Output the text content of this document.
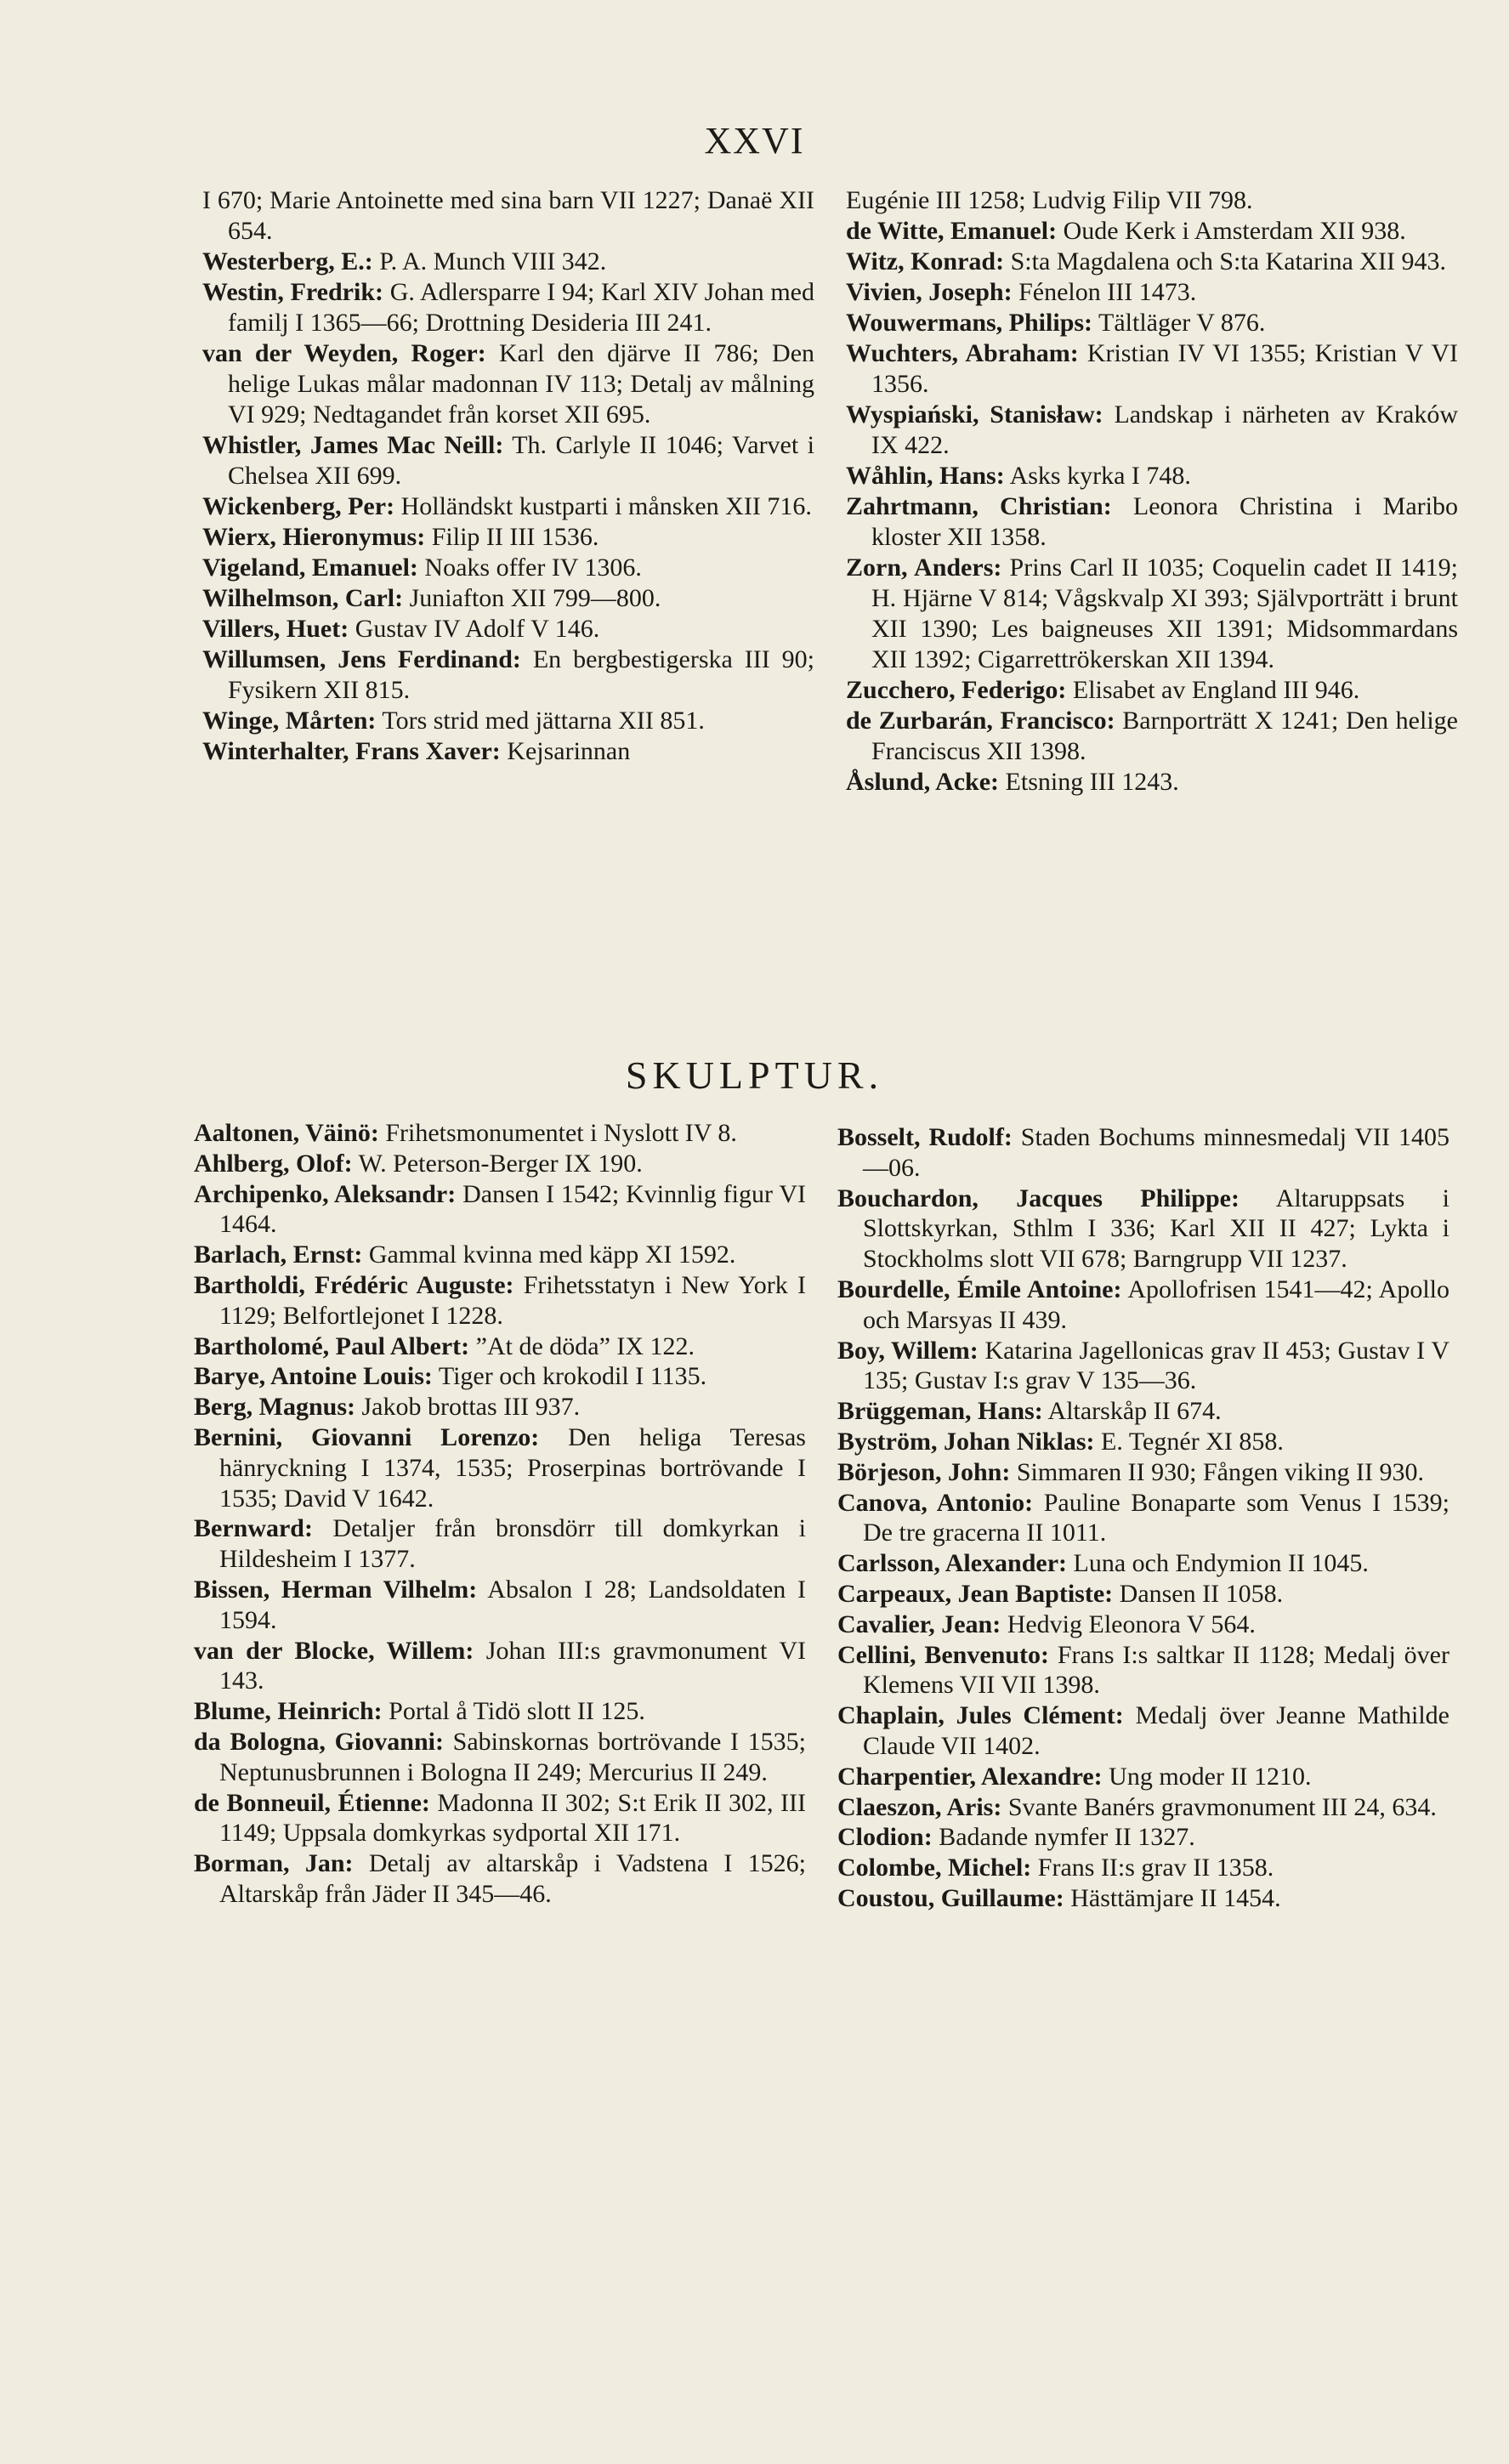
XXVI

I 670; Marie Antoinette med sina barn VII 1227; Danaë XII 654.

Westerberg, E.: P. A. Munch VIII 342.

Westin, Fredrik: G. Adlersparre I 94; Karl XIV Johan med familj I 1365—66; Drottning Desideria III 241.

van der Weyden, Roger: Karl den djärve II 786; Den helige Lukas målar madonnan IV 113; Detalj av målning VI 929; Nedtagandet från korset XII 695.

Whistler, James Mac Neill: Th. Carlyle II 1046; Varvet i Chelsea XII 699.

Wickenberg, Per: Holländskt kustparti i månsken XII 716.

Wierx, Hieronymus: Filip II III 1536.

Vigeland, Emanuel: Noaks offer IV 1306.

Wilhelmson, Carl: Juniafton XII 799—800.

Villers, Huet: Gustav IV Adolf V 146.

Willumsen, Jens Ferdinand: En bergbestigerska III 90; Fysikern XII 815.

Winge, Mårten: Tors strid med jättarna XII 851.

Winterhalter, Frans Xaver: Kejsarinnan

Eugénie III 1258; Ludvig Filip VII 798.

de Witte, Emanuel: Oude Kerk i Amsterdam XII 938.

Witz, Konrad: S:ta Magdalena och S:ta Katarina XII 943.

Vivien, Joseph: Fénelon III 1473.

Wouwermans, Philips: Tältläger V 876.

Wuchters, Abraham: Kristian IV VI 1355; Kristian V VI 1356.

Wyspiański, Stanisław: Landskap i närheten av Kraków IX 422.

Wåhlin, Hans: Asks kyrka I 748.

Zahrtmann, Christian: Leonora Christina i Maribo kloster XII 1358.

Zorn, Anders: Prins Carl II 1035; Coquelin cadet II 1419; H. Hjärne V 814; Vågskvalp XI 393; Självporträtt i brunt XII 1390; Les baigneuses XII 1391; Midsommardans XII 1392; Cigarrettrökerskan XII 1394.

Zucchero, Federigo: Elisabet av England III 946.

de Zurbarán, Francisco: Barnporträtt X 1241; Den helige Franciscus XII 1398.

Åslund, Acke: Etsning III 1243.

SKULPTUR.

Aaltonen, Väinö: Frihetsmonumentet i Nyslott IV 8.

Ahlberg, Olof: W. Peterson-Berger IX 190.

Archipenko, Aleksandr: Dansen I 1542; Kvinnlig figur VI 1464.

Barlach, Ernst: Gammal kvinna med käpp XI 1592.

Bartholdi, Frédéric Auguste: Frihetsstatyn i New York I 1129; Belfortlejonet I 1228.

Bartholomé, Paul Albert: ”At de döda” IX 122.

Barye, Antoine Louis: Tiger och krokodil I 1135.

Berg, Magnus: Jakob brottas III 937.

Bernini, Giovanni Lorenzo: Den heliga Teresas hänryckning I 1374, 1535; Proserpinas bortrövande I 1535; David V 1642.

Bernward: Detaljer från bronsdörr till domkyrkan i Hildesheim I 1377.

Bissen, Herman Vilhelm: Absalon I 28; Landsoldaten I 1594.

van der Blocke, Willem: Johan III:s gravmonument VI 143.

Blume, Heinrich: Portal å Tidö slott II 125.

da Bologna, Giovanni: Sabinskornas bortrövande I 1535; Neptunusbrunnen i Bologna II 249; Mercurius II 249.

de Bonneuil, Étienne: Madonna II 302; S:t Erik II 302, III 1149; Uppsala domkyrkas sydportal XII 171.

Borman, Jan: Detalj av altarskåp i Vadstena I 1526; Altarskåp från Jäder II 345—46.

Bosselt, Rudolf: Staden Bochums minnesmedalj VII 1405—06.

Bouchardon, Jacques Philippe: Altaruppsats i Slottskyrkan, Sthlm I 336; Karl XII II 427; Lykta i Stockholms slott VII 678; Barngrupp VII 1237.

Bourdelle, Émile Antoine: Apollofrisen 1541—42; Apollo och Marsyas II 439.

Boy, Willem: Katarina Jagellonicas grav II 453; Gustav I V 135; Gustav I:s grav V 135—36.

Brüggeman, Hans: Altarskåp II 674.

Byström, Johan Niklas: E. Tegnér XI 858.

Börjeson, John: Simmaren II 930; Fången viking II 930.

Canova, Antonio: Pauline Bonaparte som Venus I 1539; De tre gracerna II 1011.

Carlsson, Alexander: Luna och Endymion II 1045.

Carpeaux, Jean Baptiste: Dansen II 1058.

Cavalier, Jean: Hedvig Eleonora V 564.

Cellini, Benvenuto: Frans I:s saltkar II 1128; Medalj över Klemens VII VII 1398.

Chaplain, Jules Clément: Medalj över Jeanne Mathilde Claude VII 1402.

Charpentier, Alexandre: Ung moder II 1210.

Claeszon, Aris: Svante Banérs gravmonument III 24, 634.

Clodion: Badande nymfer II 1327.

Colombe, Michel: Frans II:s grav II 1358.

Coustou, Guillaume: Hästtämjare II 1454.
